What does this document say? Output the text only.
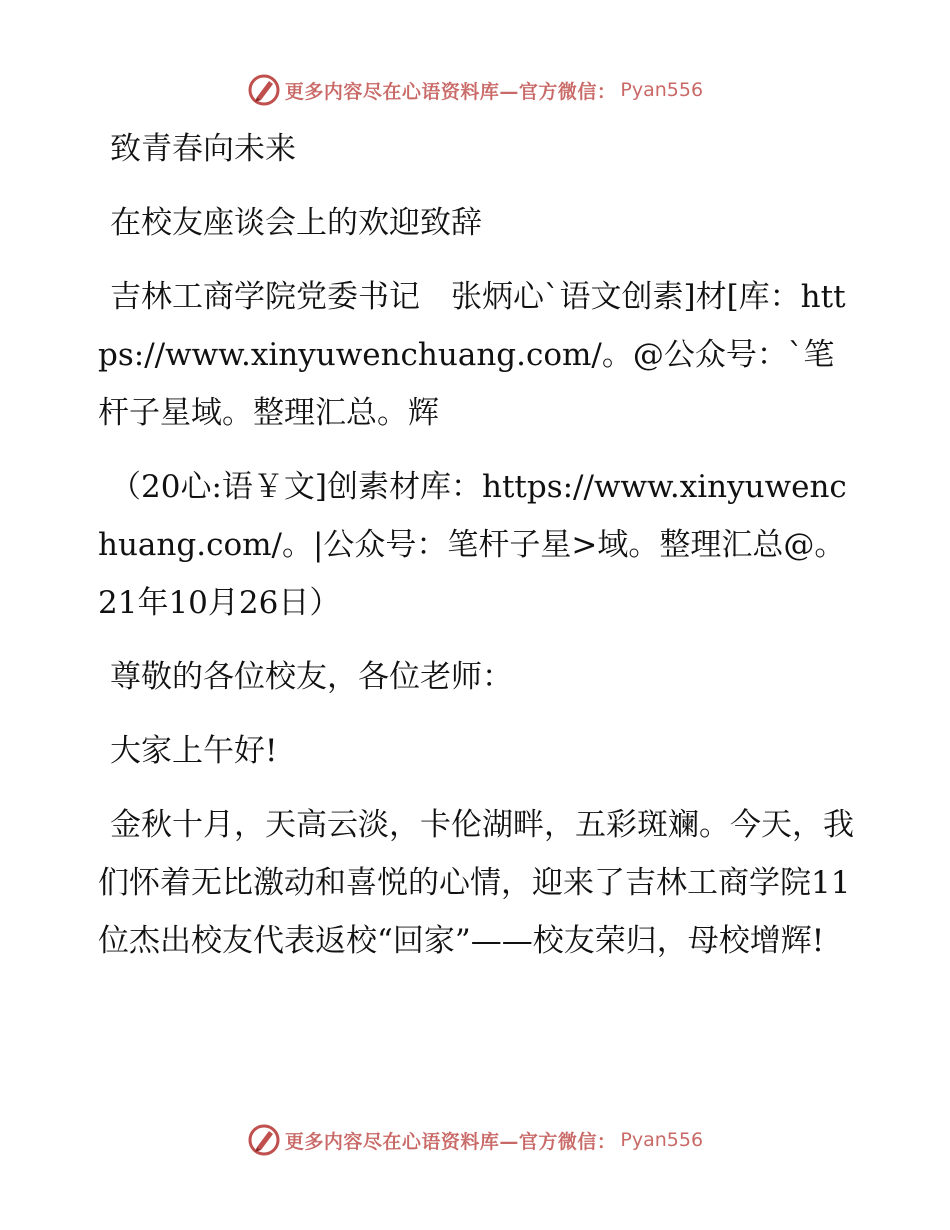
更多内容尽在心语资料库—官方微信： Pyan556

致青春向未来

在校友座谈会上的欢迎致辞

吉林工商学院党委书记　张炳心`语文创素]材[库：https://www.xinyuwenchuang.com/。@公众号：`笔杆子星域。整理汇总。辉

（20心:语￥文]创素材库：https://www.xinyuwenchuang.com/。|公众号：笔杆子星>域。整理汇总@。21年10月26日）

尊敬的各位校友，各位老师：

大家上午好!

金秋十月，天高云淡，卡伦湖畔，五彩斑斓。今天，我们怀着无比激动和喜悦的心情，迎来了吉林工商学院11位杰出校友代表返校“回家”——校友荣归，母校增辉!

更多内容尽在心语资料库—官方微信： Pyan556
